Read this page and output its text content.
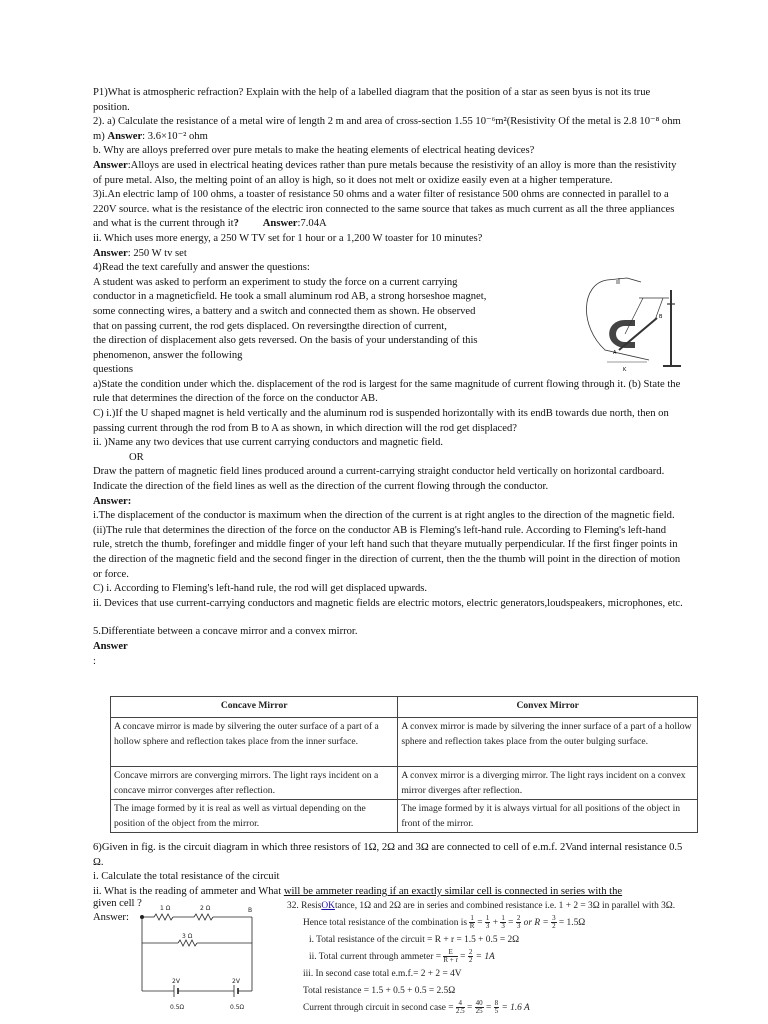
P1)What is atmospheric refraction? Explain with the help of a labelled diagram that the position of a star as seen byus is not its true position.

2). a) Calculate the resistance of a metal wire of length 2 m and area of cross-section 1.55 10⁻⁶m²(Resistivity Of the metal is 2.8 10⁻⁸ ohm m) Answer: 3.6×10⁻² ohm

b. Why are alloys preferred over pure metals to make the heating elements of electrical heating devices?

Answer:Alloys are used in electrical heating devices rather than pure metals because the resistivity of an alloy is more than the resistivity of pure metal. Also, the melting point of an alloy is high, so it does not melt or oxidize easily even at a higher temperature.

3)i.An electric lamp of 100 ohms, a toaster of resistance 50 ohms and a water filter of resistance 500 ohms are connected in parallel to a 220V source. what is the resistance of the electric iron connected to the same source that takes as much current as all the three appliances and what is the current through it? Answer:7.04A

ii. Which uses more energy, a 250 W TV set for 1 hour or a 1,200 W toaster for 10 minutes?

Answer: 250 W tv set

4)Read the text carefully and answer the questions:

A student was asked to perform an experiment to study the force on a current carrying

conductor in a magneticfield. He took a small aluminum rod AB, a strong horseshoe magnet,

some connecting wires, a battery and a switch and connected them as shown. He observed

that on passing current, the rod gets displaced. On reversingthe direction of current,

the direction of displacement also gets reversed. On the basis of your understanding of this

phenomenon, answer the following

questions

B
A
K

a)State the condition under which the. displacement of the rod is largest for the same magnitude of current flowing through it. (b) State the rule that determines the direction of the force on the conductor AB.

C) i.)If the U shaped magnet is held vertically and the aluminum rod is suspended horizontally with its endB towards due north, then on passing current through the rod from B to A as shown, in which direction will the rod get displaced?

ii. )Name any two devices that use current carrying conductors and magnetic field.

OR

Draw the pattern of magnetic field lines produced around a current-carrying straight conductor held vertically on horizontal cardboard. Indicate the direction of the field lines as well as the direction of the current flowing through the conductor.

Answer:

i.The displacement of the conductor is maximum when the direction of the current is at right angles to the direction of the magnetic field. (ii)The rule that determines the direction of the force on the conductor AB is Fleming's left-hand rule. According to Fleming's left-hand rule, stretch the thumb, forefinger and middle finger of your left hand such that theyare mutually perpendicular. If the first finger points in the direction of the magnetic field and the second finger in the direction of current, then the the thumb will point in the direction of motion or force.

C) i. According to Fleming's left-hand rule, the rod will get displaced upwards.

ii. Devices that use current-carrying conductors and magnetic fields are electric motors, electric generators,loudspeakers, microphones, etc.

5.Differentiate between a concave mirror and a convex mirror.

Answer

:

Concave Mirror	Convex Mirror
A concave mirror is made by silvering the outer surface of a part of a hollow sphere and reflection takes place from the inner surface.	A convex mirror is made by silvering the inner surface of a part of a hollow sphere and reflection takes place from the outer bulging surface.
Concave mirrors are converging mirrors. The light rays incident on a concave mirror converges after reflection.	A convex mirror is a diverging mirror. The light rays incident on a convex mirror diverges after reflection.
The image formed by it is real as well as virtual depending on the position of the object from the mirror.	The image formed by it is always virtual for all positions of the object in front of the mirror.

6)Given in fig. is the circuit diagram in which three resistors of 1Ω, 2Ω and 3Ω are connected to cell of e.m.f. 2Vand internal resistance 0.5 Ω.

i. Calculate the total resistance of the circuit

ii. What is the reading of ammeter and What will be ammeter reading if an exactly similar cell is connected in series with the

given cell ?
Answer:
1 Ω	2 Ω	B
3 Ω
2V	2V
0.5Ω	0.5Ω

32. ResisOKtance, 1Ω and 2Ω are in series and combined resistance i.e. 1 + 2 = 3Ω in parallel with 3Ω.

Hence total resistance of the combination is $\frac{1}{R} = \frac{1}{3} + \frac{1}{3} = \frac{2}{3}$ or $R = \frac{3}{2} = 1.5\Omega$

i. Total resistance of the circuit = R + r = 1.5 + 0.5 = 2Ω

ii. Total current through ammeter = $\frac{E}{R + r} = \frac{2}{2} = 1A$

iii. In second case total e.m.f.= 2 + 2 = 4V

Total resistance = 1.5 + 0.5 + 0.5 = 2.5Ω

Current through circuit in second case = $\frac{4}{2.5} = \frac{40}{25} = \frac{8}{5} = 1.6$ A
